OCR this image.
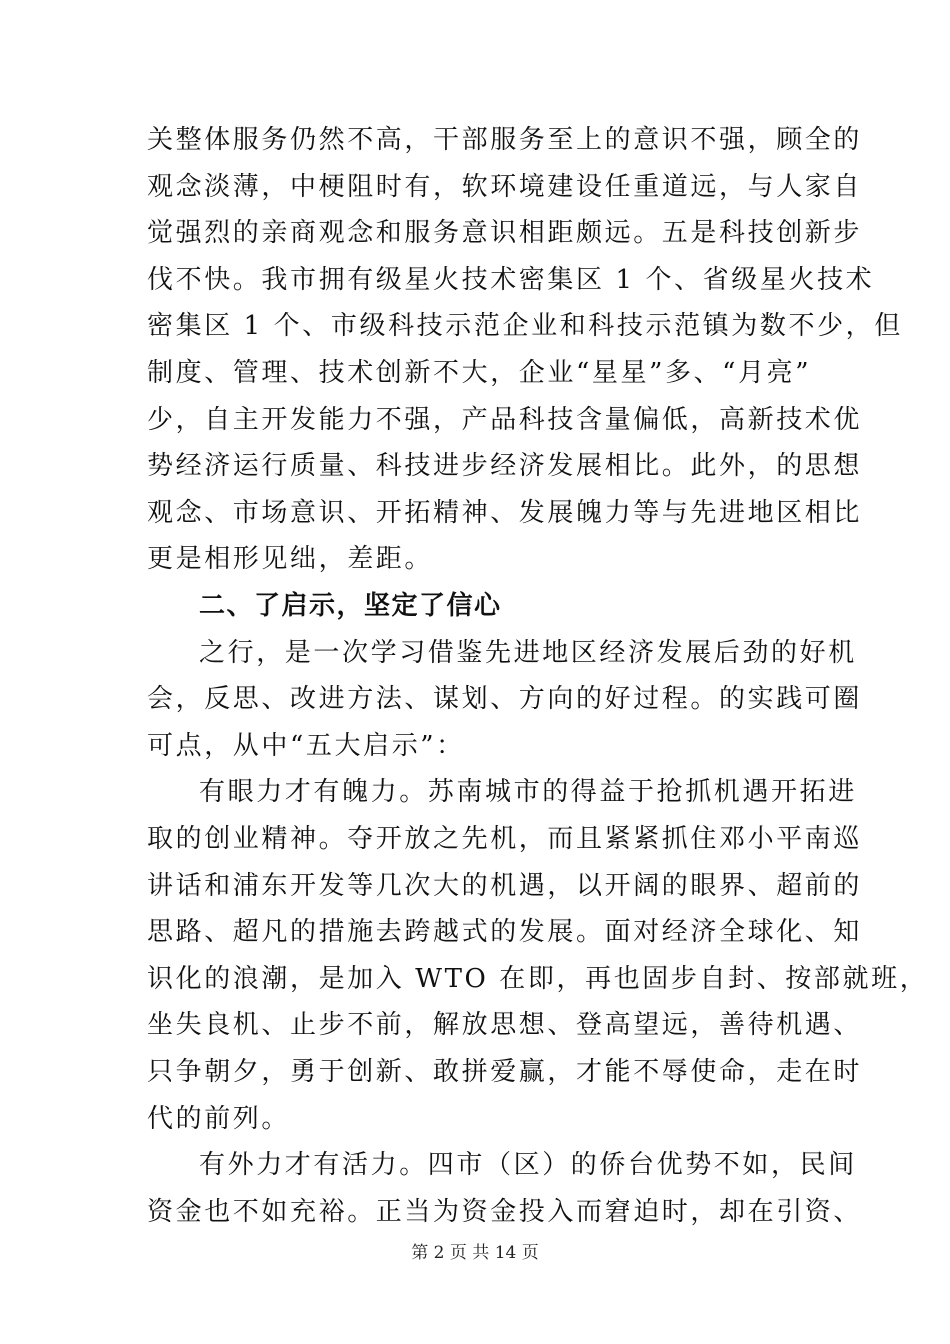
关整体服务仍然不高，干部服务至上的意识不强，顾全的
观念淡薄，中梗阻时有，软环境建设任重道远，与人家自
觉强烈的亲商观念和服务意识相距颇远。五是科技创新步
伐不快。我市拥有级星火技术密集区 1 个、省级星火技术
密集区 1 个、市级科技示范企业和科技示范镇为数不少，但
制度、管理、技术创新不大，企业“星星”多、“月亮”
少，自主开发能力不强，产品科技含量偏低，高新技术优
势经济运行质量、科技进步经济发展相比。此外，的思想
观念、市场意识、开拓精神、发展魄力等与先进地区相比
更是相形见绌，差距。
二、了启示，坚定了信心
之行，是一次学习借鉴先进地区经济发展后劲的好机
会，反思、改进方法、谋划、方向的好过程。的实践可圈
可点，从中“五大启示”：
有眼力才有魄力。苏南城市的得益于抢抓机遇开拓进
取的创业精神。夺开放之先机，而且紧紧抓住邓小平南巡
讲话和浦东开发等几次大的机遇，以开阔的眼界、超前的
思路、超凡的措施去跨越式的发展。面对经济全球化、知
识化的浪潮，是加入 WTO 在即，再也固步自封、按部就班，
坐失良机、止步不前，解放思想、登高望远，善待机遇、
只争朝夕，勇于创新、敢拼爱赢，才能不辱使命，走在时
代的前列。
有外力才有活力。四市（区）的侨台优势不如，民间
资金也不如充裕。正当为资金投入而窘迫时，却在引资、
第 2 页 共 14 页
